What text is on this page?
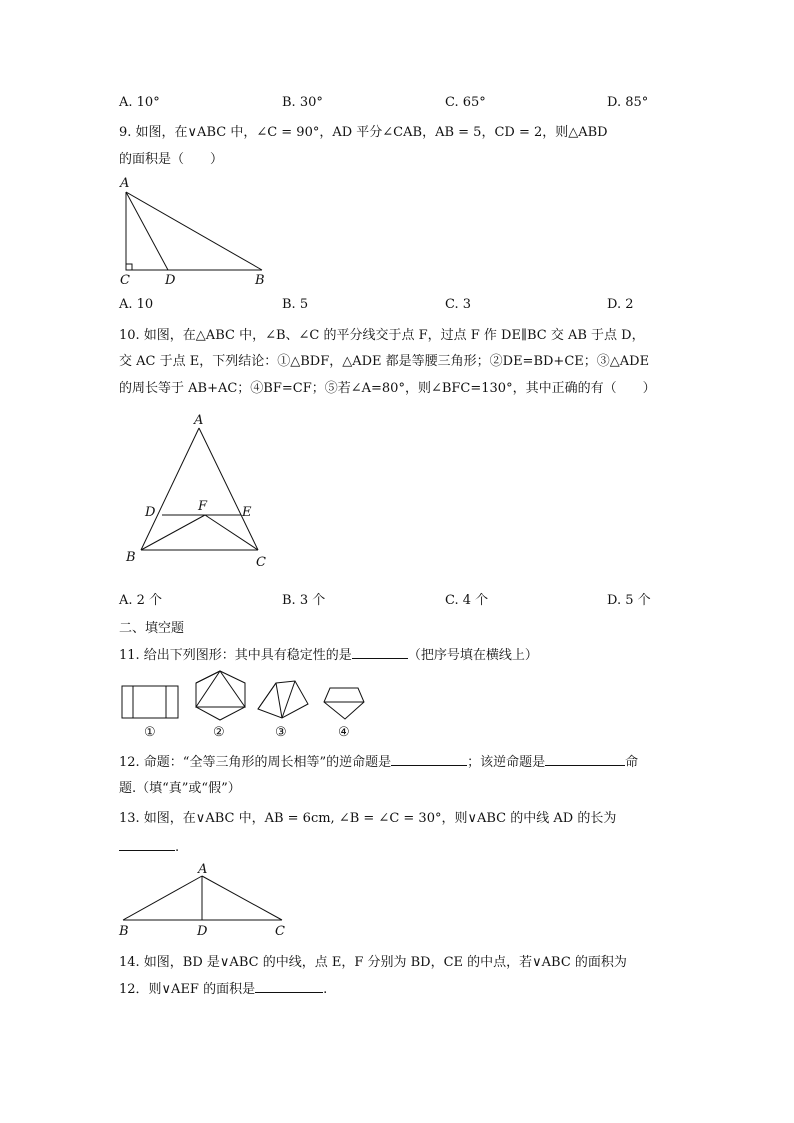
A. 10°	B. 30°	C. 65°	D. 85°
9. 如图，在∨ABC 中，∠C = 90°，AD 平分∠CAB，AB = 5，CD = 2，则△ABD
的面积是（　　）
A
C	D	B
A. 10	B. 5	C. 3	D. 2
10. 如图，在△ABC 中，∠B、∠C 的平分线交于点 F，过点 F 作 DE∥BC 交 AB 于点 D，
交 AC 于点 E，下列结论：①△BDF，△ADE 都是等腰三角形；②DE=BD+CE；③△ADE
的周长等于 AB+AC；④BF=CF；⑤若∠A=80°，则∠BFC=130°，其中正确的有（　　）
A
D	F	E
B	C
A. 2 个	B. 3 个	C. 4 个	D. 5 个
二、填空题
11. 给出下列图形：其中具有稳定性的是	（把序号填在横线上）
①	②	③	④
12. 命题：“全等三角形的周长相等”的逆命题是	；该逆命题是	命
题.（填“真”或“假”）
13. 如图，在∨ABC 中，AB = 6cm, ∠B = ∠C = 30°，则∨ABC 的中线 AD 的长为
.
A
B	D	C
14. 如图，BD 是∨ABC 的中线，点 E，F 分别为 BD，CE 的中点，若∨ABC 的面积为
12．则∨AEF 的面积是	.
